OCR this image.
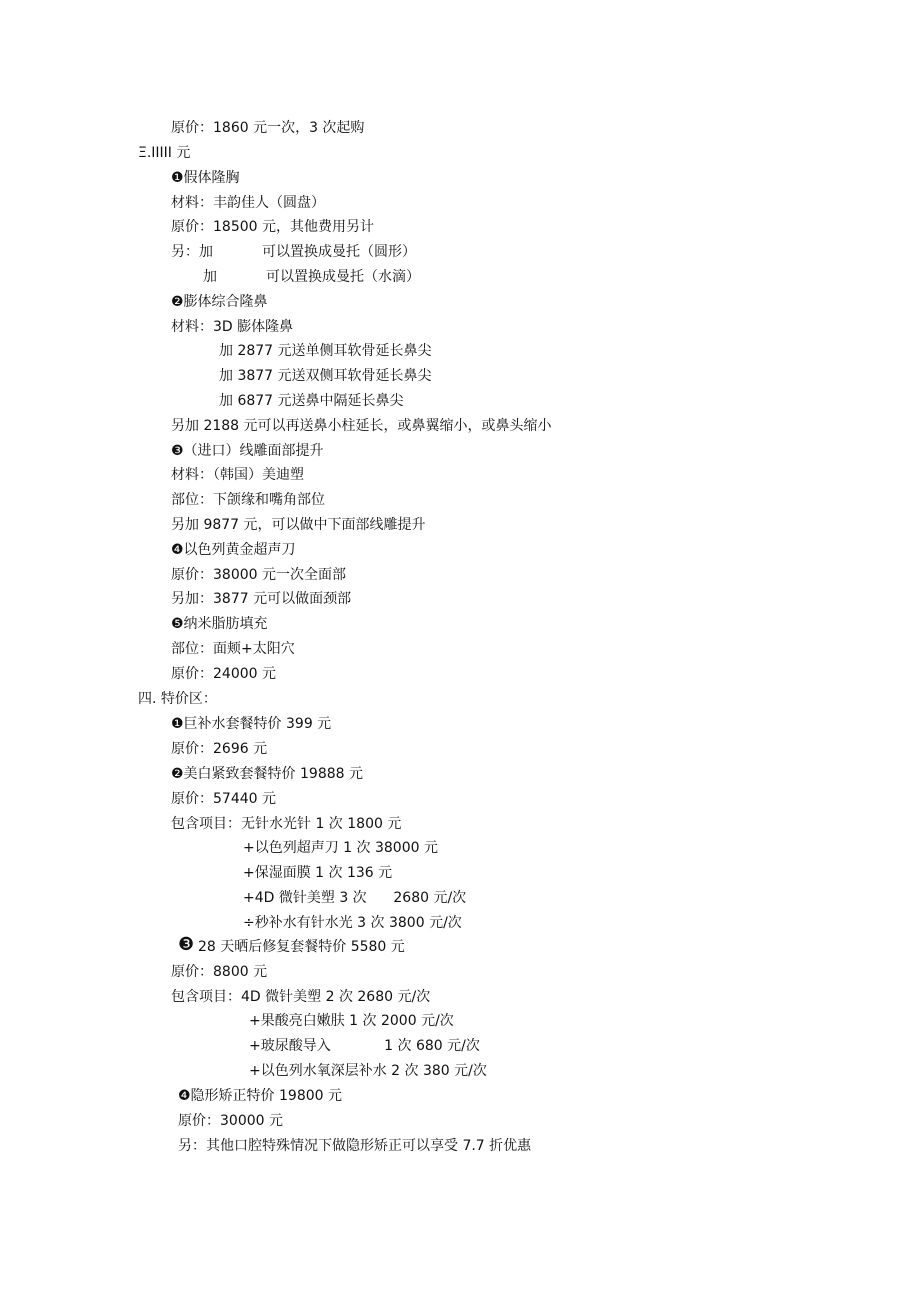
原价：1860 元一次，3 次起购
Ξ.IIIII 元
❶假体隆胸
材料：丰韵佳人（圆盘）
原价：18500 元，其他费用另计
另：加           可以置换成曼托（圆形）
加           可以置换成曼托（水滴）
❷膨体综合隆鼻
材料：3D 膨体隆鼻
加 2877 元送单侧耳软骨延长鼻尖
加 3877 元送双侧耳软骨延长鼻尖
加 6877 元送鼻中隔延长鼻尖
另加 2188 元可以再送鼻小柱延长，或鼻翼缩小，或鼻头缩小
❸（进口）线雕面部提升
材料：（韩国）美迪塑
部位：下颌缘和嘴角部位
另加 9877 元，可以做中下面部线雕提升
❹以色列黄金超声刀
原价：38000 元一次全面部
另加：3877 元可以做面颈部
❺纳米脂肪填充
部位：面颊+太阳穴
原价：24000 元
四. 特价区：
❶巨补水套餐特价 399 元
原价：2696 元
❷美白紧致套餐特价 19888 元
原价：57440 元
包含项目：无针水光针 1 次 1800 元
+以色列超声刀 1 次 38000 元
+保湿面膜 1 次 136 元
+4D 微针美塑 3 次      2680 元/次
÷秒补水有针水光 3 次 3800 元/次
❸ 28 天晒后修复套餐特价 5580 元
原价：8800 元
包含项目：4D 微针美塑 2 次 2680 元/次
+果酸亮白嫩肤 1 次 2000 元/次
+玻尿酸导入            1 次 680 元/次
+以色列水氧深层补水 2 次 380 元/次
❹隐形矫正特价 19800 元
原价：30000 元
另：其他口腔特殊情况下做隐形矫正可以享受 7.7 折优惠
